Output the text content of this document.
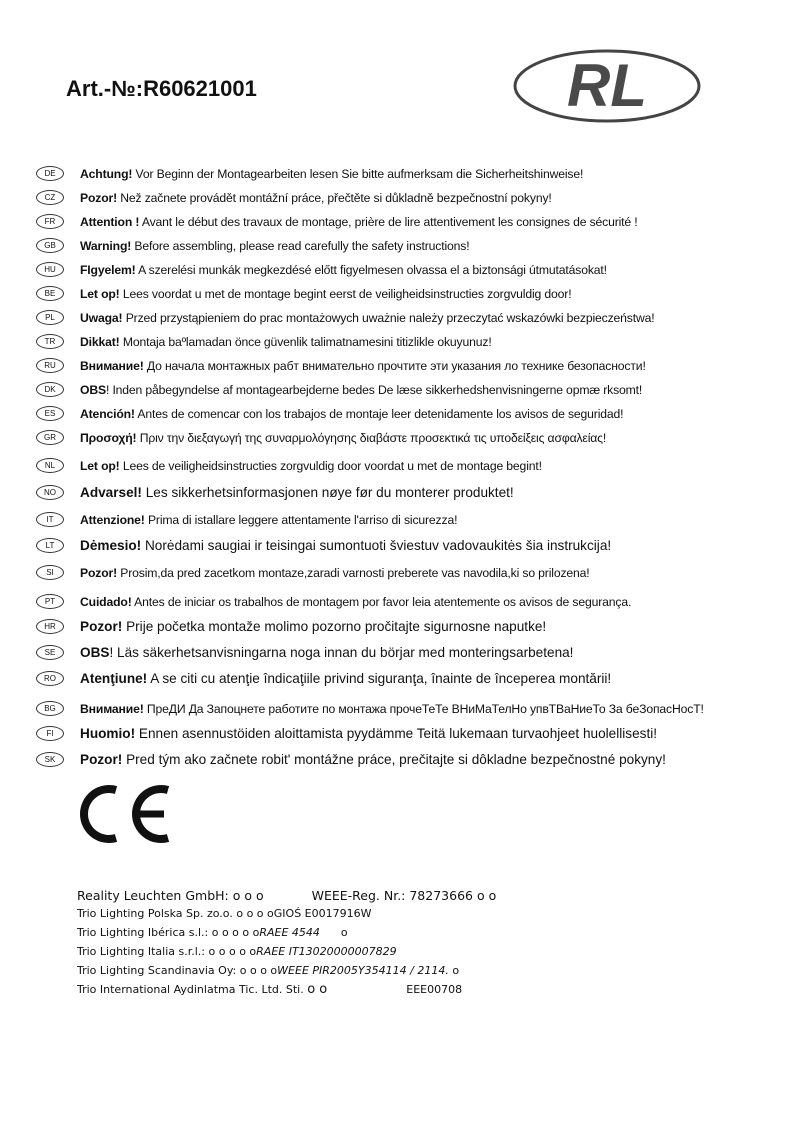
Art.-№:R60621001	RL
DE	Achtung! Vor Beginn der Montagearbeiten lesen Sie bitte aufmerksam die Sicherheitshinweise!
CZ	Pozor! Než začnete provádět montážní práce, přečtěte si důkladně bezpečnostní pokyny!
FR	Attention ! Avant le début des travaux de montage, prière de lire attentivement les consignes de sécurité !
GB	Warning! Before assembling, please read carefully the safety instructions!
HU	FIgyelem! A szerelési munkák megkezdésé előtt figyelmesen olvassa el a biztonsági útmutatásokat!
BE	Let op! Lees voordat u met de montage begint eerst de veiligheidsinstructies zorgvuldig door!
PL	Uwaga! Przed przystąpieniem do prac montażowych uważnie należy przeczytać wskazówki bezpieczeństwa!
TR	Dikkat! Montaja baºlamadan önce güvenlik talimatnamesini titizlikle okuyunuz!
RU	Внимание! До начала монтажных рабт внимательно прочтите эти указания ло технике безопасности!
DK	OBS! Inden påbegyndelse af montagearbejderne bedes De læse sikkerhedshenvisningerne opmæ rksomt!
ES	Atención! Antes de comencar con los trabajos de montaje leer detenidamente los avisos de seguridad!
GR	Προσοχή! Πριν την διεξαγωγή της συναρμολόγησης διαβάστε προσεκτικά τις υποδείξεις ασφαλείας!
NL	Let op! Lees de veiligheidsinstructies zorgvuldig door voordat u met de montage begint!
NO	Advarsel! Les sikkerhetsinformasjonen nøye før du monterer produktet!
IT	Attenzione! Prima di istallare leggere attentamente l'arriso di sicurezza!
LT	Dėmesio! Norėdami saugiai ir teisingai sumontuoti šviestuv vadovaukitės šia instrukcija!
SI	Pozor! Prosim,da pred zacetkom montaze,zaradi varnosti preberete vas navodila,ki so prilozena!
PT	Cuidado! Antes de iniciar os trabalhos de montagem por favor leia atentemente os avisos de segurança.
HR	Pozor! Prije početka montaže molimo pozorno pročitajte sigurnosne naputke!
SE	OBS! Läs säkerhetsanvisningarna noga innan du börjar med monteringsarbetena!
RO	Atenţiune! A se citi cu atenţie îndicaţiile privind siguranţa, înainte de începerea montării!
BG	Внимание! ПреДИ Да Запоцнете работите по монтажа прочеТеТе ВНиМаТелНо упвТВаНиеТо За беЗопасНосТ!
FI	Huomio! Ennen asennustöiden aloittamista pyydämme Teitä lukemaan turvaohjeet huolellisesti!
SK	Pozor! Pred tým ako začnete robit' montážne práce, prečitajte si dôkladne bezpečnostné pokyny!
Reality Leuchten GmbH: o o o	WEEE-Reg. Nr.: 78273666 o o
Trio Lighting Polska Sp. zo.o. o o o oGIOŚ E0017916W
Trio Lighting Ibérica s.l.: o o o o oRAEE 4544 o
Trio Lighting Italia s.r.l.: o o o o oRAEE IT13020000007829
Trio Lighting Scandinavia Oy: o o o oWEEE PIR2005Y354114 / 2114. o
Trio International Aydinlatma Tic. Ltd. Sti. o o	EEE00708
